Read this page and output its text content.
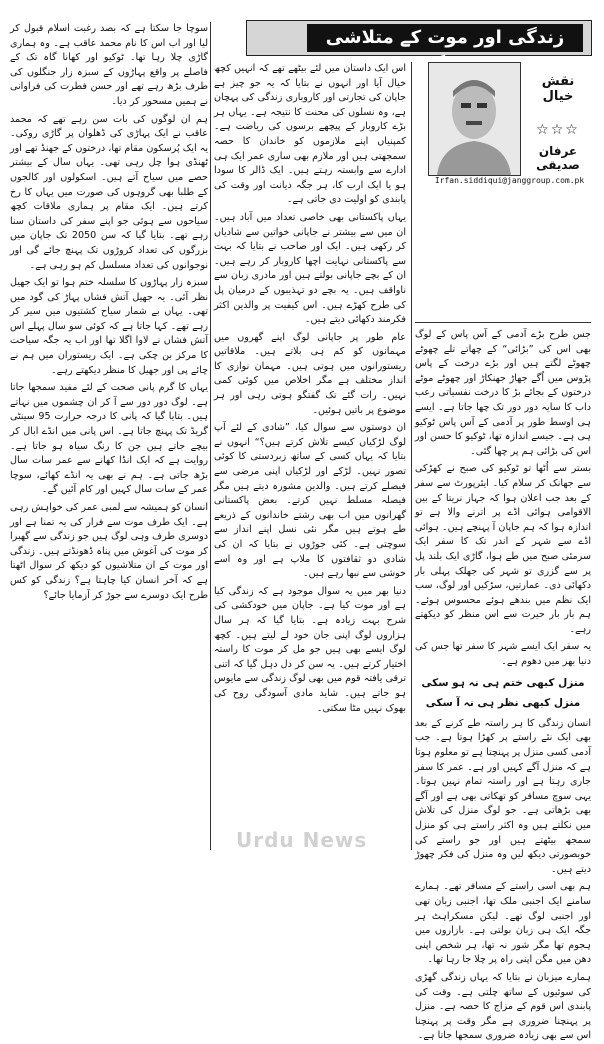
زندگی اور موت کے متلاشی
نقش خیال
☆☆☆
عرفان صدیقی
Irfan.siddiqui@janggroup.com.pk

جس طرح بڑے آدمی کے آس پاس کے لوگ بھی اس کی ”بڑائی“ کے چھاتے تلے چھوٹے چھوٹے لگتے ہیں اور بڑے درخت کے پاس پڑوس میں اُگے جھاڑ جھنکاڑ اور چھوٹے موٹے درختوں کے بجائے بڑ کا درخت نفسیاتی رعب داب کا سایہ دور دور تک چھا جاتا ہے۔ ایسے ہی اوسط طور پر آدمی کے آس پاس ٹوکیو ہی ہے۔ جیسے اندازہ تھا، ٹوکیو کا حسن اور اس کی بڑائی ہم پر چھا گئی۔

بستر سے اُٹھا تو ٹوکیو کی صبح نے کھڑکی سے جھانک کر سلام کیا۔ ایئرپورٹ سے سفر کے بعد جب اعلان ہوا کہ جہاز نریتا کے بین الاقوامی ہوائی اڈے پر اترنے والا ہے تو اندازہ ہوا کہ ہم جاپان آ پہنچے ہیں۔ ہوائی اڈے سے شہر کے اندر تک کا سفر ایک سرمئی صبح میں طے ہوا، گاڑی ایک بلند پل پر سے گزری تو شہر کی جھلک پہلی بار دکھائی دی۔ عمارتیں، سڑکیں اور لوگ، سب ایک نظم میں بندھے ہوئے محسوس ہوئے۔ ہم بار بار حیرت سے اس منظر کو دیکھتے رہے۔

یہ سفر ایک ایسے شہر کا سفر تھا جس کی دنیا بھر میں دھوم ہے۔

منزل کبھی ختم ہی نہ ہو سکی
منزل کبھی نظر ہی نہ آ سکی

انسان زندگی کا ہر راستہ طے کرنے کے بعد بھی ایک نئے راستے پر کھڑا ہوتا ہے۔ جب آدمی کسی منزل پر پہنچتا ہے تو معلوم ہوتا ہے کہ منزل آگے کہیں اور ہے۔ عمر کا سفر جاری رہتا ہے اور راستہ تمام نہیں ہوتا۔ یہی سوچ مسافر کو تھکاتی بھی ہے اور آگے بھی بڑھاتی ہے۔ جو لوگ منزل کی تلاش میں نکلتے ہیں وہ اکثر راستے ہی کو منزل سمجھ بیٹھتے ہیں اور جو راستے کی خوبصورتی دیکھ لیں وہ منزل کی فکر چھوڑ دیتے ہیں۔

ہم بھی اسی راستے کے مسافر تھے۔ ہمارے سامنے ایک اجنبی ملک تھا، اجنبی زبان تھی اور اجنبی لوگ تھے۔ لیکن مسکراہٹ ہر جگہ ایک ہی زبان بولتی ہے۔ بازاروں میں ہجوم تھا مگر شور نہ تھا، ہر شخص اپنی دھن میں مگن اپنی راہ پر چلا جا رہا تھا۔

ہمارے میزبان نے بتایا کہ یہاں زندگی گھڑی کی سوئیوں کے ساتھ چلتی ہے۔ وقت کی پابندی اس قوم کے مزاج کا حصہ ہے۔ منزل پر پہنچنا ضروری ہے مگر وقت پر پہنچنا اس سے بھی زیادہ ضروری سمجھا جاتا ہے۔

اس ایک داستان میں لئے بیٹھے تھے کہ انہیں کچھ خیال آیا اور انہوں نے بتایا کہ یہ جو چیز ہے جاپان کی تجارتی اور کاروباری زندگی کی پہچان ہے، وہ نسلوں کی محنت کا نتیجہ ہے۔ یہاں ہر بڑے کاروبار کے پیچھے برسوں کی ریاضت ہے۔ کمپنیاں اپنے ملازموں کو خاندان کا حصہ سمجھتی ہیں اور ملازم بھی ساری عمر ایک ہی ادارے سے وابستہ رہتے ہیں۔ ایک ڈالر کا سودا ہو یا ایک ارب کا، ہر جگہ دیانت اور وقت کی پابندی کو اولیت دی جاتی ہے۔

یہاں پاکستانی بھی خاصی تعداد میں آباد ہیں۔ ان میں سے بیشتر نے جاپانی خواتین سے شادیاں کر رکھی ہیں۔ ایک اور صاحب نے بتایا کہ بہت سے پاکستانی نہایت اچھا کاروبار کر رہے ہیں۔ ان کے بچے جاپانی بولتے ہیں اور مادری زبان سے ناواقف ہیں۔ یہ بچے دو تہذیبوں کے درمیان پل کی طرح کھڑے ہیں۔ اس کیفیت پر والدین اکثر فکرمند دکھائی دیتے ہیں۔

عام طور پر جاپانی لوگ اپنے گھروں میں مہمانوں کو کم ہی بلاتے ہیں۔ ملاقاتیں ریستورانوں میں ہوتی ہیں۔ مہمان نوازی کا انداز مختلف ہے مگر اخلاص میں کوئی کمی نہیں۔ رات گئے تک گفتگو ہوتی رہی اور ہر موضوع پر باتیں ہوئیں۔

ان دوستوں سے سوال کیا، ”شادی کے لئے آپ لوگ لڑکیاں کیسے تلاش کرتے ہیں؟“ انہوں نے بتایا کہ یہاں کسی کے ساتھ زبردستی کا کوئی تصور نہیں۔ لڑکے اور لڑکیاں اپنی مرضی سے فیصلے کرتے ہیں۔ والدین مشورہ دیتے ہیں مگر فیصلہ مسلط نہیں کرتے۔ بعض پاکستانی گھرانوں میں اب بھی رشتے خاندانوں کے ذریعے طے ہوتے ہیں مگر نئی نسل اپنے انداز سے سوچتی ہے۔ کئی جوڑوں نے بتایا کہ ان کی شادی دو ثقافتوں کا ملاپ ہے اور وہ اسے خوشی سے نبھا رہے ہیں۔

دنیا بھر میں یہ سوال موجود ہے کہ زندگی کیا ہے اور موت کیا ہے۔ جاپان میں خودکشی کی شرح بہت زیادہ ہے۔ بتایا گیا کہ ہر سال ہزاروں لوگ اپنی جان خود لے لیتے ہیں۔ کچھ لوگ ایسے بھی ہیں جو مل کر موت کا راستہ اختیار کرتے ہیں۔ یہ سن کر دل دہل گیا کہ اتنی ترقی یافتہ قوم میں بھی لوگ زندگی سے مایوس ہو جاتے ہیں۔ شاید مادی آسودگی روح کی بھوک نہیں مٹا سکتی۔

سوچا جا سکتا ہے کہ بصد رغبت اسلام قبول کر لیا اور اب اس کا نام محمد عاقب ہے۔ وہ ہماری گاڑی چلا رہا تھا۔ ٹوکیو اور کھانا گاہ تک کے فاصلے پر واقع پہاڑوں کے سبزہ زار جنگلوں کی طرف بڑھ رہے تھے اور حسن فطرت کی فراوانی نے ہمیں مسحور کر دیا۔

ہم ان لوگوں کی بات سن رہے تھے کہ محمد عاقب نے ایک پہاڑی کی ڈھلوان پر گاڑی روکی۔ یہ ایک پُرسکون مقام تھا، درختوں کے جھنڈ تھے اور ٹھنڈی ہوا چل رہی تھی۔ یہاں سال کے بیشتر حصے میں سیاح آتے ہیں۔ اسکولوں اور کالجوں کے طلبا بھی گروہوں کی صورت میں یہاں کا رخ کرتے ہیں۔ ایک مقام پر ہماری ملاقات کچھ سیاحوں سے ہوئی جو اپنے سفر کی داستان سنا رہے تھے۔ بتایا گیا کہ سن 2050 تک جاپان میں بزرگوں کی تعداد کروڑوں تک پہنچ جائے گی اور نوجوانوں کی تعداد مسلسل کم ہو رہی ہے۔

سبزہ زار پہاڑوں کا سلسلہ ختم ہوا تو ایک جھیل نظر آئی۔ یہ جھیل آتش فشاں پہاڑ کی گود میں تھی۔ یہاں بے شمار سیاح کشتیوں میں سیر کر رہے تھے۔ کہا جاتا ہے کہ کوئی سو سال پہلے اس آتش فشاں نے لاوا اگلا تھا اور اب یہ جگہ سیاحت کا مرکز بن چکی ہے۔ ایک ریستوران میں ہم نے چائے پی اور جھیل کا منظر دیکھتے رہے۔

یہاں کا گرم پانی صحت کے لئے مفید سمجھا جاتا ہے۔ لوگ دور دور سے آ کر ان چشموں میں نہاتے ہیں۔ بتایا گیا کہ پانی کا درجہ حرارت 95 سینٹی گریڈ تک پہنچ جاتا ہے۔ اس پانی میں انڈے ابال کر بیچے جاتے ہیں جن کا رنگ سیاہ ہو جاتا ہے۔ روایت ہے کہ ایک انڈا کھانے سے عمر سات سال بڑھ جاتی ہے۔ ہم نے بھی یہ انڈے کھائے، سوچا عمر کے سات سال کہیں اور کام آئیں گے۔

انسان کو ہمیشہ سے لمبی عمر کی خواہش رہی ہے۔ ایک طرف موت سے فرار کی یہ تمنا ہے اور دوسری طرف وہی لوگ ہیں جو زندگی سے گھبرا کر موت کی آغوش میں پناہ ڈھونڈتے ہیں۔ زندگی اور موت کے ان متلاشیوں کو دیکھ کر سوال اٹھتا ہے کہ آخر انسان کیا چاہتا ہے؟ زندگی کو کس طرح ایک دوسرے سے جوڑ کر آزمایا جائے؟

Urdu News
